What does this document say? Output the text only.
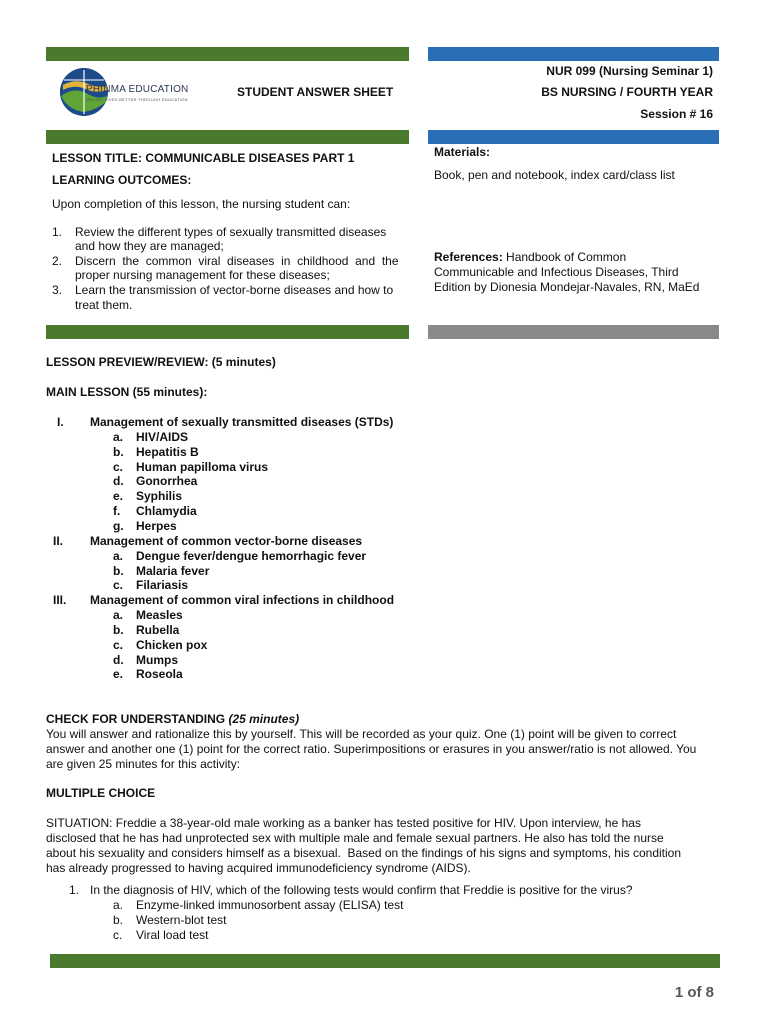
PHINMA EDUCATION
MAKING LIVES BETTER THROUGH EDUCATION
STUDENT ANSWER SHEET
NUR 099 (Nursing Seminar 1)
BS NURSING / FOURTH YEAR
Session # 16
LESSON TITLE: COMMUNICABLE DISEASES PART 1
LEARNING OUTCOMES:
Upon completion of this lesson, the nursing student can:
1. Review the different types of sexually transmitted diseases
and how they are managed;
2. Discern  the  common  viral  diseases  in  childhood  and  the
proper nursing management for these diseases;
3. Learn the transmission of vector-borne diseases and how to
treat them.
Materials:
Book, pen and notebook, index card/class list
References: Handbook of Common
Communicable and Infectious Diseases, Third
Edition by Dionesia Mondejar-Navales, RN, MaEd
LESSON PREVIEW/REVIEW: (5 minutes)
MAIN LESSON (55 minutes):
I. Management of sexually transmitted diseases (STDs)
a. HIV/AIDS
b. Hepatitis B
c. Human papilloma virus
d. Gonorrhea
e. Syphilis
f. Chlamydia
g. Herpes
II. Management of common vector-borne diseases
a. Dengue fever/dengue hemorrhagic fever
b. Malaria fever
c. Filariasis
III. Management of common viral infections in childhood
a. Measles
b. Rubella
c. Chicken pox
d. Mumps
e. Roseola
CHECK FOR UNDERSTANDING (25 minutes)
You will answer and rationalize this by yourself. This will be recorded as your quiz. One (1) point will be given to correct
answer and another one (1) point for the correct ratio. Superimpositions or erasures in you answer/ratio is not allowed. You
are given 25 minutes for this activity:
MULTIPLE CHOICE
SITUATION: Freddie a 38-year-old male working as a banker has tested positive for HIV. Upon interview, he has
disclosed that he has had unprotected sex with multiple male and female sexual partners. He also has told the nurse
about his sexuality and considers himself as a bisexual.  Based on the findings of his signs and symptoms, his condition
has already progressed to having acquired immunodeficiency syndrome (AIDS).
1. In the diagnosis of HIV, which of the following tests would confirm that Freddie is positive for the virus?
a. Enzyme-linked immunosorbent assay (ELISA) test
b. Western-blot test
c. Viral load test
1 of 8
